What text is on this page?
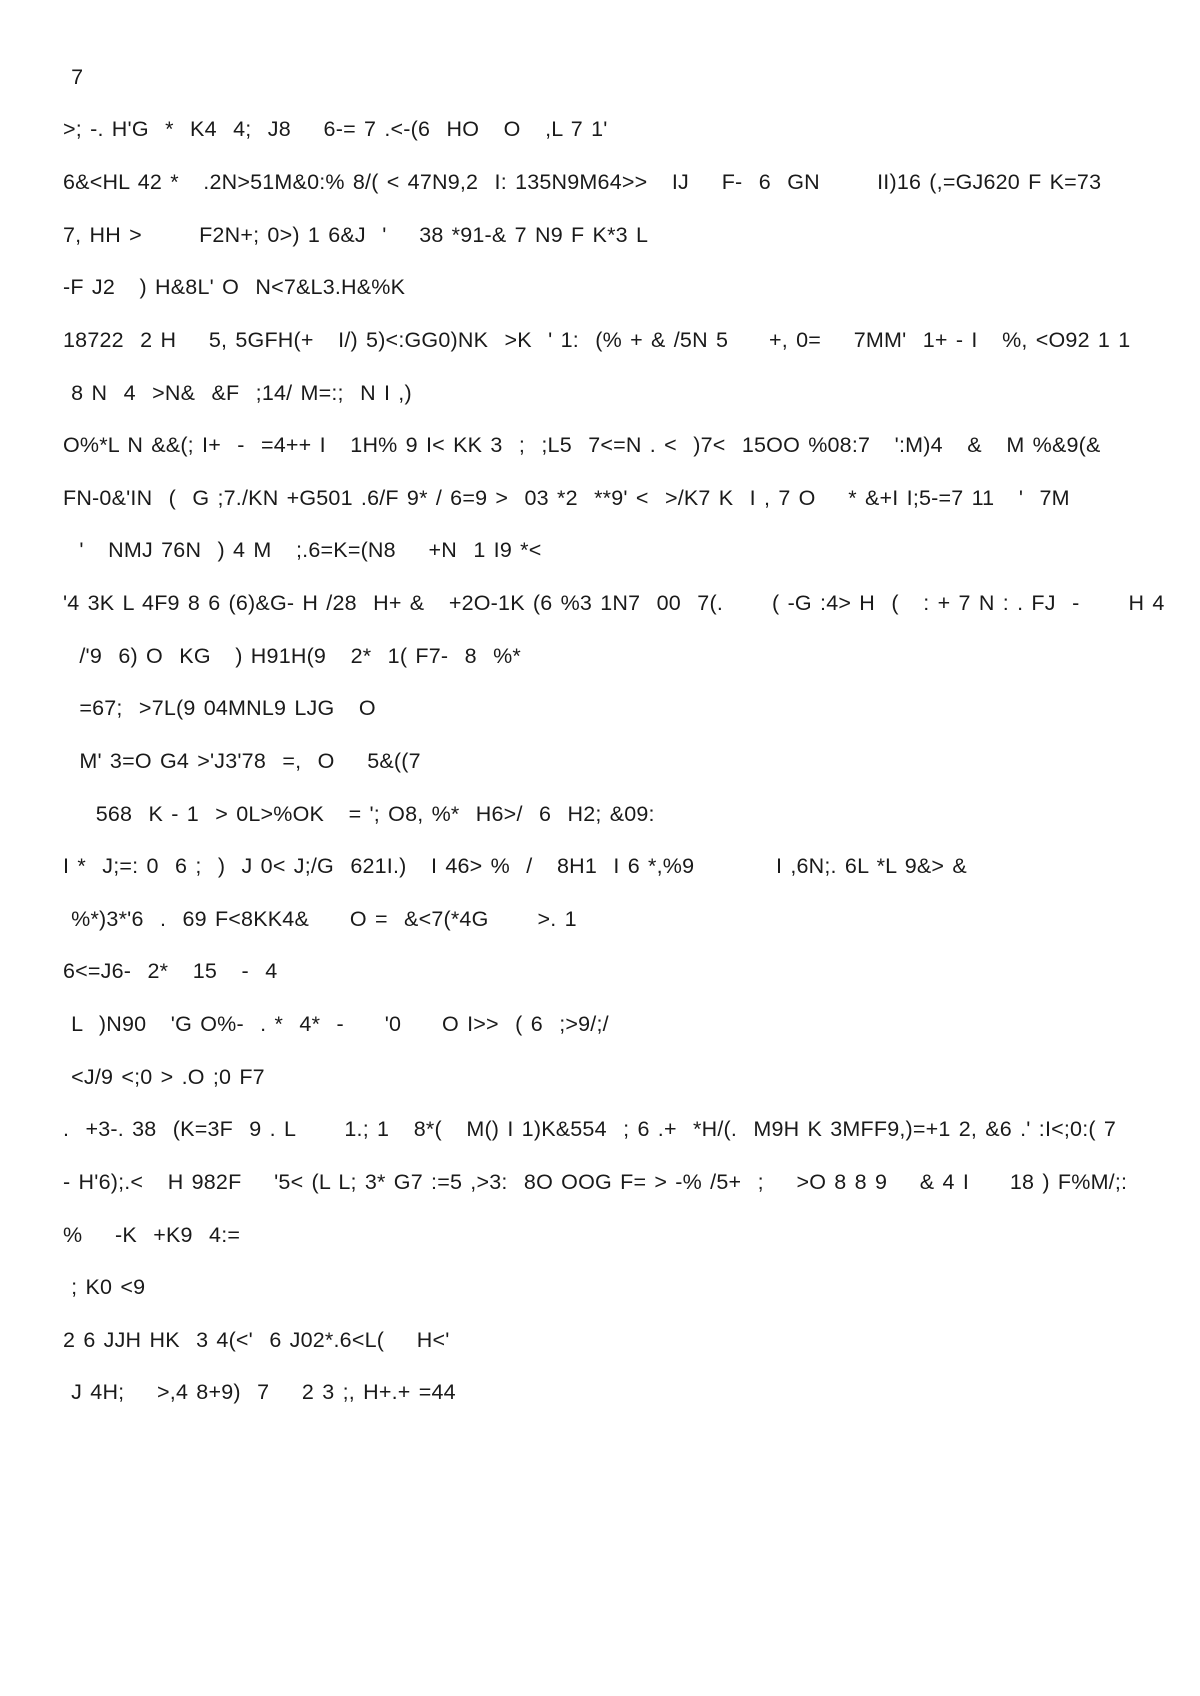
7

>; -. H'G  *  K4  4;  J8    6-= 7 .<-(6  HO   O   ,L 7 1'

6&<HL 42 *   .2N>51M&0:% 8/( < 47N9,2  I: 135N9M64>>   IJ    F-  6  GN       II)16 (,=GJ620 F K=73

7, HH >       F2N+; 0>) 1 6&J  '    38 *91-& 7 N9 F K*3 L

-F J2   ) H&8L' O  N<7&L3.H&%K

18722  2 H    5, 5GFH(+   I/) 5)<:GG0)NK  >K  ' 1:  (% + & /5N 5     +, 0=    7MM'  1+ - I   %, <O92 1 1

8 N  4  >N&  &F  ;14/ M=:;  N I ,)

O%*L N &&(; I+  -  =4++ I   1H% 9 I< KK 3  ;  ;L5  7<=N . <  )7<  15OO %08:7   ':M)4   &   M %&9(&

FN-0&'IN  (  G ;7./KN +G501 .6/F 9* / 6=9 >  03 *2  **9' <  >/K7 K  I , 7 O    * &+I I;5-=7 11   '  7M

'   NMJ 76N  ) 4 M   ;.6=K=(N8    +N  1 I9 *<

'4 3K L 4F9 8 6 (6)&G- H /28  H+ &   +2O-1K (6 %3 1N7  00  7(.      ( -G :4> H  (   : + 7 N : . FJ  -      H 4

/'9  6) O  KG   ) H91H(9   2*  1( F7-  8  %*

=67;  >7L(9 04MNL9 LJG   O

M' 3=O G4 >'J3'78  =,  O    5&((7

568  K - 1  > 0L>%OK   = '; O8, %*  H6>/  6  H2; &09:

I *  J;=: 0  6 ;  )  J 0< J;/G  621I.)   I 46> %  /   8H1  I 6 *,%9          I ,6N;. 6L *L 9&> &

%*)3*'6  .  69 F<8KK4&     O =  &<7(*4G      >. 1

6<=J6-  2*   15   -  4

L  )N90   'G O%-  . *  4*  -     '0     O I>>  ( 6  ;>9/;/

<J/9 <;0 > .O ;0 F7

.  +3-. 38  (K=3F  9 . L      1.; 1   8*(   M() I 1)K&554  ; 6 .+  *H/(.  M9H K 3MFF9,)=+1 2, &6 .' :I<;0:( 7

- H'6);.<   H 982F    '5< (L L; 3* G7 :=5 ,>3:  8O OOG F= > -% /5+  ;    >O 8 8 9    & 4 I     18 ) F%M/;:

%    -K  +K9  4:=

; K0 <9

2 6 JJH HK  3 4(<'  6 J02*.6<L(    H<'

J 4H;    >,4 8+9)  7    2 3 ;, H+.+ =44
